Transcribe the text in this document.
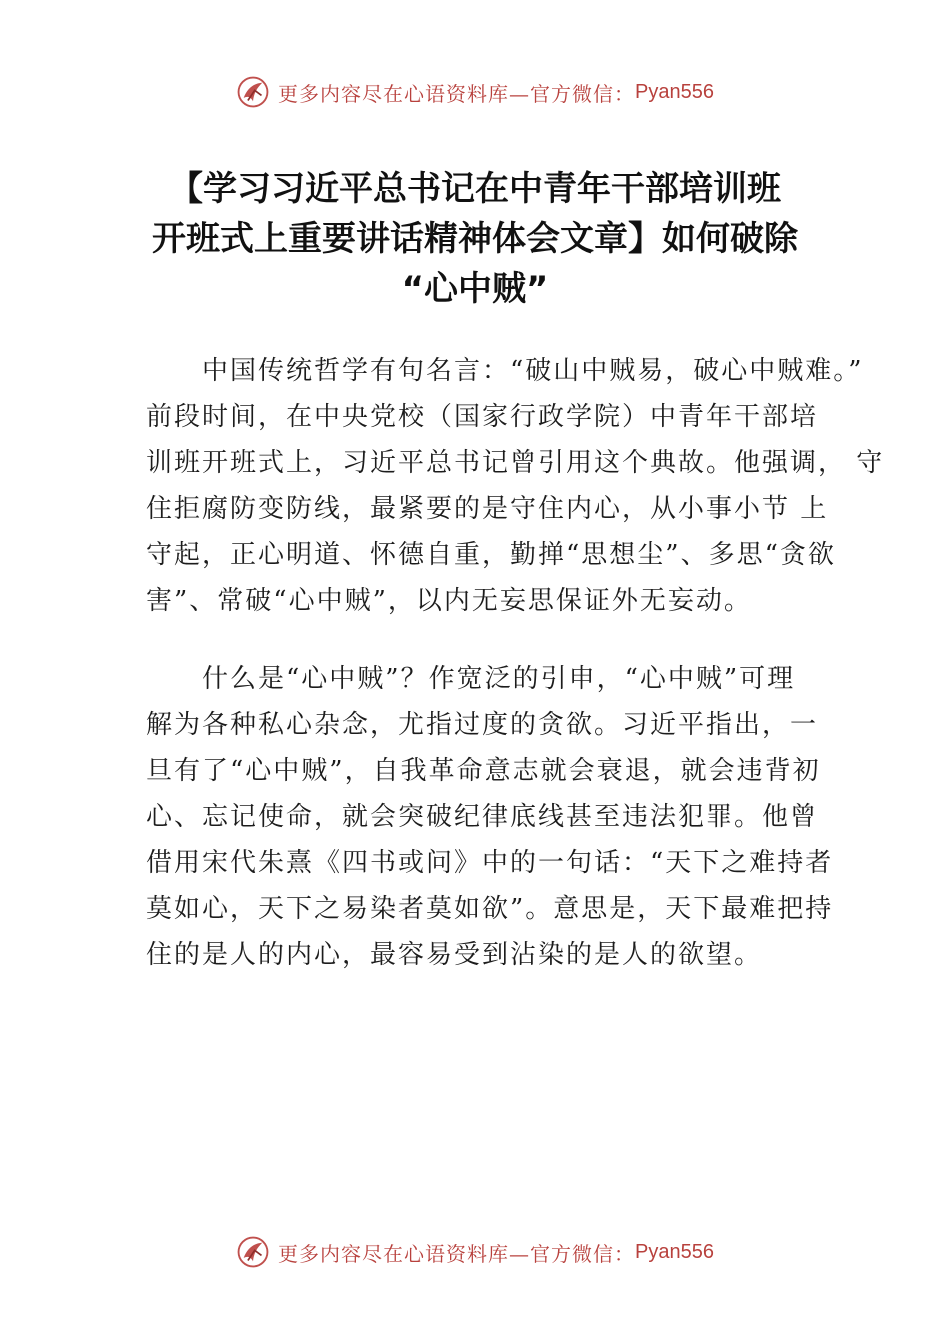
更多内容尽在心语资料库—官方微信： Pyan556
【学习习近平总书记在中青年干部培训班
开班式上重要讲话精神体会文章】如何破除
“心中贼”
　　中国传统哲学有句名言：“破山中贼易，破心中贼难。”
前段时间，在中央党校（国家行政学院）中青年干部培
训班开班式上，习近平总书记曾引用这个典故。他强调， 守
住拒腐防变防线，最紧要的是守住内心，从小事小节 上
守起，正心明道、怀德自重，勤掸“思想尘”、多思“贪欲
害”、常破“心中贼”，以内无妄思保证外无妄动。
　　什么是“心中贼”？作宽泛的引申，“心中贼”可理
解为各种私心杂念，尤指过度的贪欲。习近平指出，一
旦有了“心中贼”，自我革命意志就会衰退，就会违背初
心、忘记使命，就会突破纪律底线甚至违法犯罪。他曾
借用宋代朱熹《四书或问》中的一句话：“天下之难持者
莫如心，天下之易染者莫如欲”。意思是，天下最难把持
住的是人的内心，最容易受到沾染的是人的欲望。
更多内容尽在心语资料库—官方微信： Pyan556
